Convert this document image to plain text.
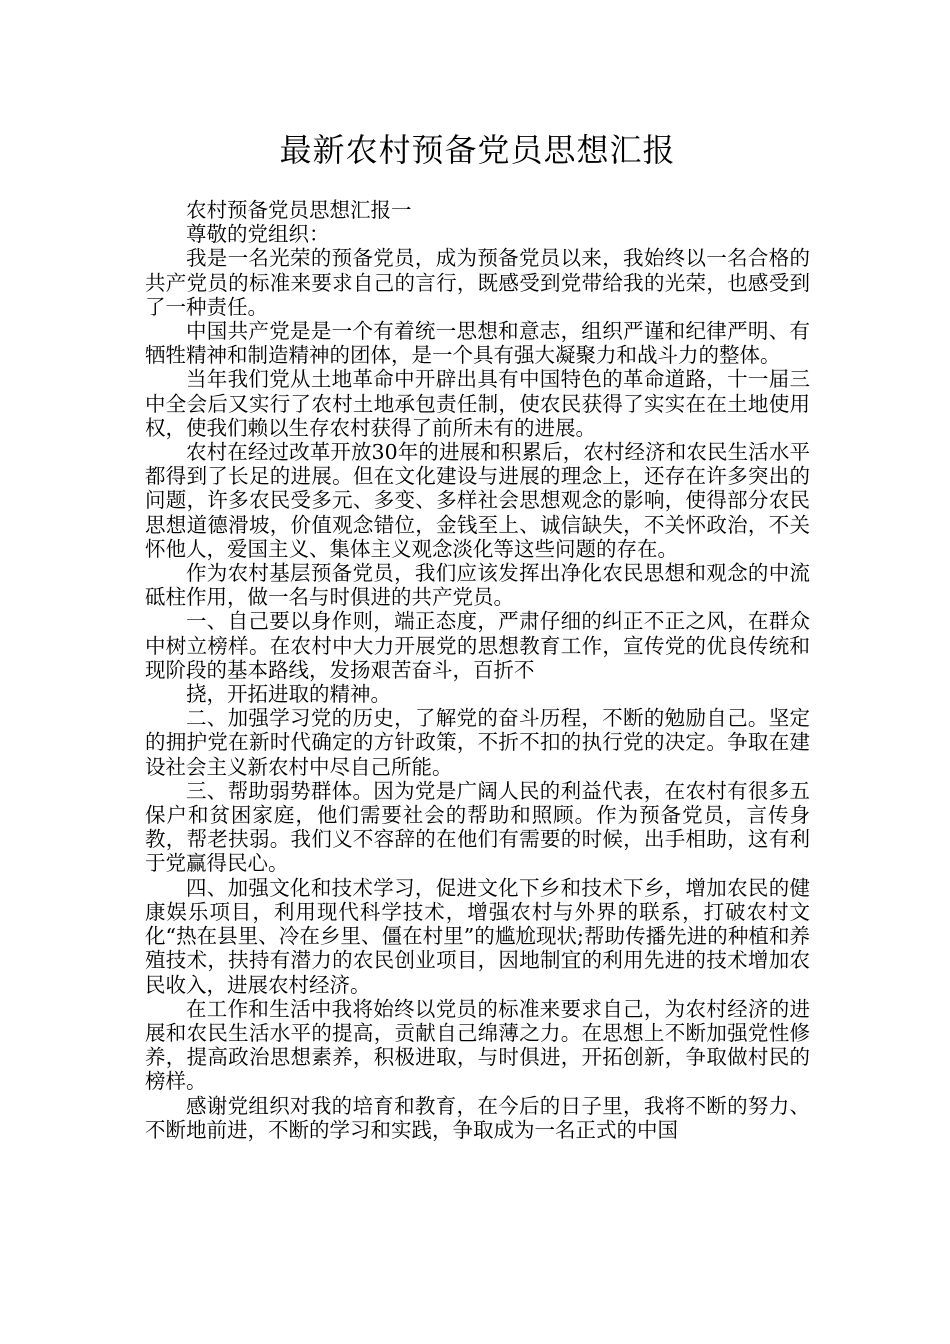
最新农村预备党员思想汇报

农村预备党员思想汇报一

尊敬的党组织：

我是一名光荣的预备党员，成为预备党员以来，我始终以一名合格的共产党员的标准来要求自己的言行，既感受到党带给我的光荣，也感受到了一种责任。

中国共产党是是一个有着统一思想和意志，组织严谨和纪律严明、有牺牲精神和制造精神的团体，是一个具有强大凝聚力和战斗力的整体。

当年我们党从土地革命中开辟出具有中国特色的革命道路，十一届三中全会后又实行了农村土地承包责任制，使农民获得了实实在在土地使用权，使我们赖以生存农村获得了前所未有的进展。

农村在经过改革开放30年的进展和积累后，农村经济和农民生活水平都得到了长足的进展。但在文化建设与进展的理念上，还存在许多突出的问题，许多农民受多元、多变、多样社会思想观念的影响，使得部分农民思想道德滑坡，价值观念错位，金钱至上、诚信缺失，不关怀政治，不关怀他人，爱国主义、集体主义观念淡化等这些问题的存在。

作为农村基层预备党员，我们应该发挥出净化农民思想和观念的中流砥柱作用，做一名与时俱进的共产党员。

一、自己要以身作则，端正态度，严肃仔细的纠正不正之风，在群众中树立榜样。在农村中大力开展党的思想教育工作，宣传党的优良传统和现阶段的基本路线，发扬艰苦奋斗，百折不

挠，开拓进取的精神。

二、加强学习党的历史，了解党的奋斗历程，不断的勉励自己。坚定的拥护党在新时代确定的方针政策，不折不扣的执行党的决定。争取在建设社会主义新农村中尽自己所能。

三、帮助弱势群体。因为党是广阔人民的利益代表，在农村有很多五保户和贫困家庭，他们需要社会的帮助和照顾。作为预备党员，言传身教，帮老扶弱。我们义不容辞的在他们有需要的时候，出手相助，这有利于党赢得民心。

四、加强文化和技术学习，促进文化下乡和技术下乡，增加农民的健康娱乐项目，利用现代科学技术，增强农村与外界的联系，打破农村文化“热在县里、冷在乡里、僵在村里”的尴尬现状;帮助传播先进的种植和养殖技术，扶持有潜力的农民创业项目，因地制宜的利用先进的技术增加农民收入，进展农村经济。

在工作和生活中我将始终以党员的标准来要求自己，为农村经济的进展和农民生活水平的提高，贡献自己绵薄之力。在思想上不断加强党性修养，提高政治思想素养，积极进取，与时俱进，开拓创新，争取做村民的榜样。

感谢党组织对我的培育和教育，在今后的日子里，我将不断的努力、不断地前进，不断的学习和实践，争取成为一名正式的中国
